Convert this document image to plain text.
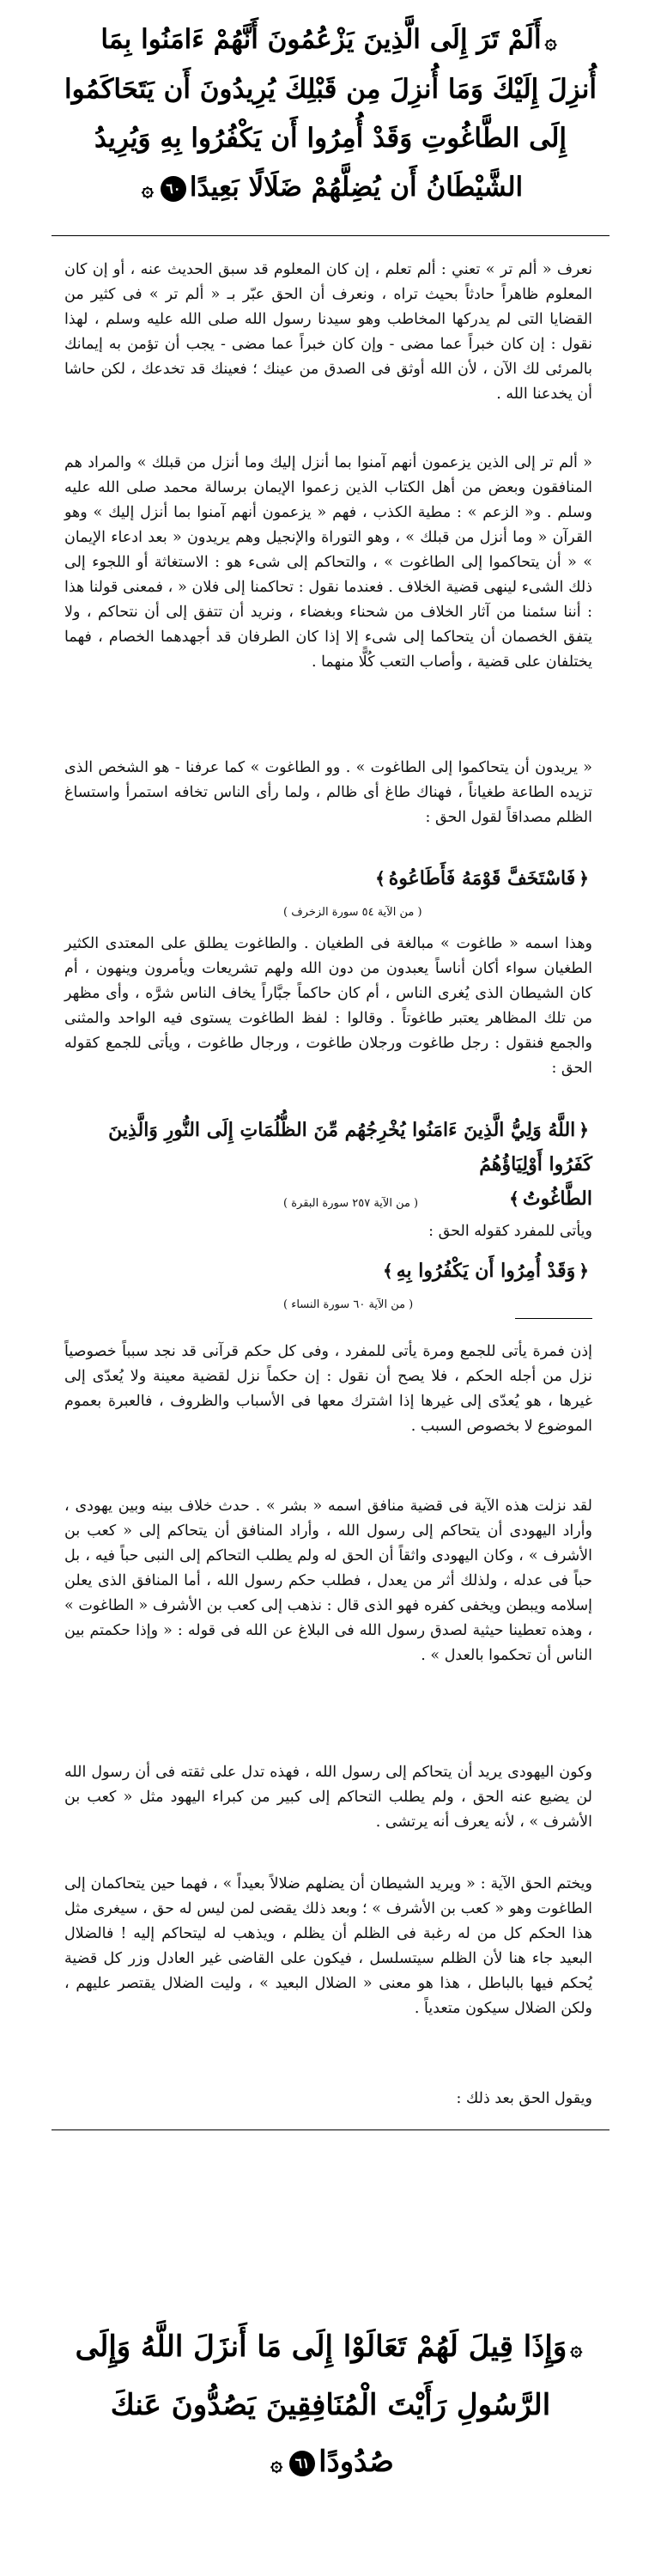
۞أَلَمْ تَرَ إِلَى الَّذِينَ يَزْعُمُونَ أَنَّهُمْ ءَامَنُوا بِمَا
أُنزِلَ إِلَيْكَ وَمَا أُنزِلَ مِن قَبْلِكَ يُرِيدُونَ أَن يَتَحَاكَمُوا
إِلَى الطَّاغُوتِ وَقَدْ أُمِرُوا أَن يَكْفُرُوا بِهِ وَيُرِيدُ
الشَّيْطَانُ أَن يُضِلَّهُمْ ضَلَالًا بَعِيدًا٦٠۞

نعرف « ألم تر » تعني : ألم تعلم ، إن كان المعلوم قد سبق الحديث عنه ، أو إن كان المعلوم ظاهراً حادثاً بحيث تراه ، ونعرف أن الحق عبّر بـ « ألم تر » فى كثير من القضايا التى لم يدركها المخاطب وهو سيدنا رسول الله صلى الله عليه وسلم ، لهذا نقول : إن كان خبراً عما مضى - وإن كان خبراً عما مضى - يجب أن تؤمن به إيمانك بالمرئى لك الآن ، لأن الله أوثق فى الصدق من عينك ؛ فعينك قد تخدعك ، لكن حاشا أن يخدعنا الله .

« ألم تر إلى الذين يزعمون أنهم آمنوا بما أنزل إليك وما أنزل من قبلك » والمراد هم المنافقون وبعض من أهل الكتاب الذين زعموا الإيمان برسالة محمد صلى الله عليه وسلم . و« الزعم » : مطية الكذب ، فهم « يزعمون أنهم آمنوا بما أنزل إليك » وهو القرآن « وما أنزل من قبلك » ، وهو التوراة والإنجيل وهم يريدون « بعد ادعاء الإيمان » « أن يتحاكموا إلى الطاغوت » ، والتحاكم إلى شىء هو : الاستغاثة أو اللجوء إلى ذلك الشىء لينهى قضية الخلاف . فعندما نقول : تحاكمنا إلى فلان « ، فمعنى قولنا هذا : أننا سئمنا من آثار الخلاف من شحناء وبغضاء ، ونريد أن تتفق إلى أن نتحاكم ، ولا يتفق الخصمان أن يتحاكما إلى شىء إلا إذا كان الطرفان قد أجهدهما الخصام ، فهما يختلفان على قضية ، وأصاب التعب كُلًّا منهما .

« يريدون أن يتحاكموا إلى الطاغوت » . وو الطاغوت » كما عرفنا - هو الشخص الذى تزيده الطاعة طغياناً ، فهناك طاغ أى ظالم ، ولما رأى الناس تخافه استمرأ واستساغ الظلم مصداقاً لقول الحق :

﴿فَاسْتَخَفَّ قَوْمَهُ فَأَطَاعُوهُ﴾

( من الآية ٥٤ سورة الزخرف )

وهذا اسمه « طاغوت » مبالغة فى الطغيان . والطاغوت يطلق على المعتدى الكثير الطغيان سواء أكان أناساً يعبدون من دون الله ولهم تشريعات ويأمرون وينهون ، أم كان الشيطان الذى يُغرى الناس ، أم كان حاكماً جبَّاراً يخاف الناس شرَّه ، وأى مظهر من تلك المظاهر يعتبر طاغوتاً . وقالوا : لفظ الطاغوت يستوى فيه الواحد والمثنى والجمع فنقول : رجل طاغوت ورجلان طاغوت ، ورجال طاغوت ، ويأتى للجمع كقوله الحق :

﴿اللَّهُ وَلِيُّ الَّذِينَ ءَامَنُوا يُخْرِجُهُم مِّنَ الظُّلُمَاتِ إِلَى النُّورِ وَالَّذِينَ كَفَرُوا أَوْلِيَاؤُهُمُ
الطَّاغُوتُ﴾

( من الآية ٢٥٧ سورة البقرة )

ويأتى للمفرد كقوله الحق :

﴿وَقَدْ أُمِرُوا أَن يَكْفُرُوا بِهِ﴾

( من الآية ٦٠ سورة النساء )

إذن فمرة يأتى للجمع ومرة يأتى للمفرد ، وفى كل حكم قرآنى قد نجد سبباً خصوصياً نزل من أجله الحكم ، فلا يصح أن نقول : إن حكماً نزل لقضية معينة ولا يُعدّى إلى غيرها ، هو يُعدّى إلى غيرها إذا اشترك معها فى الأسباب والظروف ، فالعبرة بعموم الموضوع لا بخصوص السبب .

لقد نزلت هذه الآية فى قضية منافق اسمه « بشر » . حدث خلاف بينه وبين يهودى ، وأراد اليهودى أن يتحاكم إلى رسول الله ، وأراد المنافق أن يتحاكم إلى « كعب بن الأشرف » ، وكان اليهودى واثقاً أن الحق له ولم يطلب التحاكم إلى النبى حباً فيه ، بل حباً فى عدله ، ولذلك أثر من يعدل ، فطلب حكم رسول الله ، أما المنافق الذى يعلن إسلامه ويبطن ويخفى كفره فهو الذى قال : نذهب إلى كعب بن الأشرف « الطاغوت » ، وهذه تعطينا حيثية لصدق رسول الله فى البلاغ عن الله فى قوله : « وإذا حكمتم بين الناس أن تحكموا بالعدل » .

وكون اليهودى يريد أن يتحاكم إلى رسول الله ، فهذه تدل على ثقته فى أن رسول الله لن يضيع عنه الحق ، ولم يطلب التحاكم إلى كبير من كبراء اليهود مثل « كعب بن الأشرف » ، لأنه يعرف أنه يرتشى .

ويختم الحق الآية : « ويريد الشيطان أن يضلهم ضلالاً بعيداً » ، فهما حين يتحاكمان إلى الطاغوت وهو « كعب بن الأشرف » ؛ وبعد ذلك يقضى لمن ليس له حق ، سيغرى مثل هذا الحكم كل من له رغبة فى الظلم أن يظلم ، ويذهب له ليتحاكم إليه ! فالضلال البعيد جاء هنا لأن الظلم سيتسلسل ، فيكون على القاضى غير العادل وزر كل قضية يُحكم فيها بالباطل ، هذا هو معنى « الضلال البعيد » ، وليت الضلال يقتصر عليهم ، ولكن الضلال سيكون متعدياً .

ويقول الحق بعد ذلك :

۞وَإِذَا قِيلَ لَهُمْ تَعَالَوْا إِلَى مَا أَنزَلَ اللَّهُ وَإِلَى
الرَّسُولِ رَأَيْتَ الْمُنَافِقِينَ يَصُدُّونَ عَنكَ
صُدُودًا٦١۞
